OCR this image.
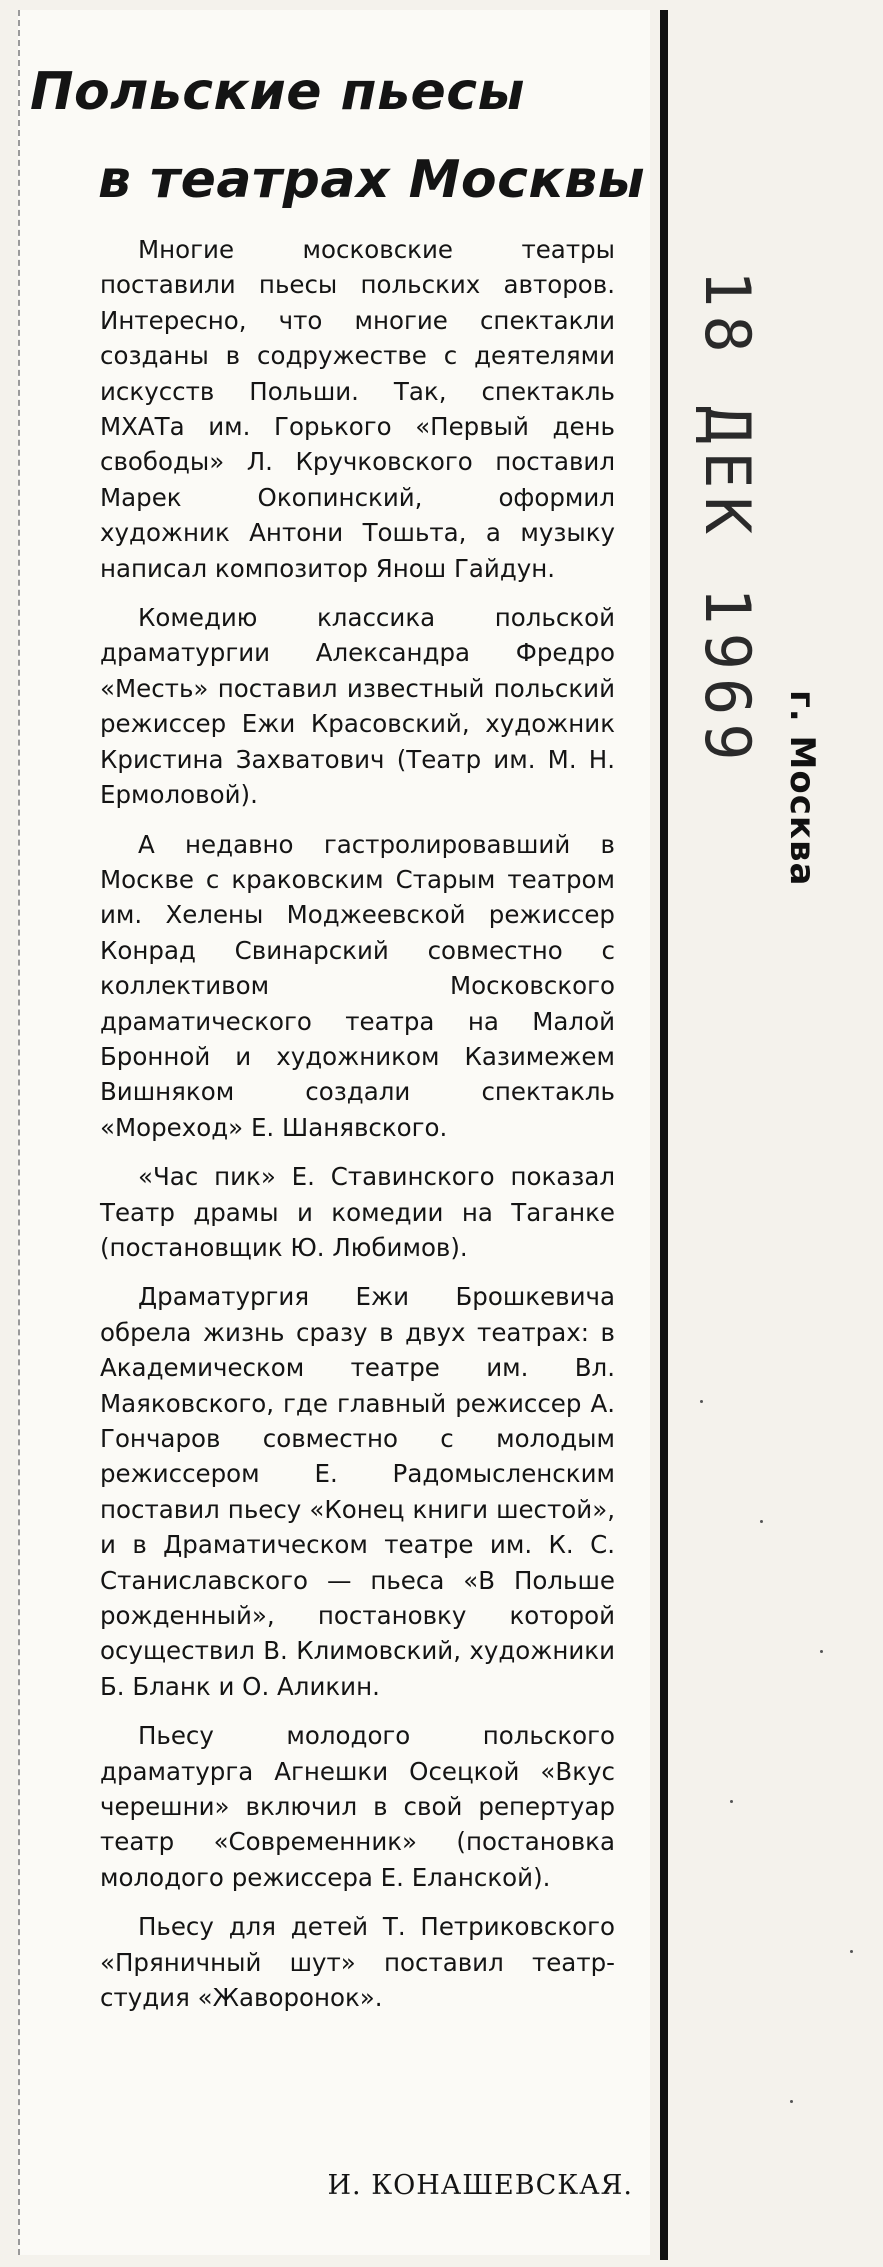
Польские пьесы
в театрах Москвы

Многие московские театры поставили пьесы польских авторов. Интересно, что многие спектакли созданы в содружестве с деятелями искусств Польши. Так, спектакль МХАТа им. Горького «Первый день свободы» Л. Кручковского поставил Марек Окопинский, оформил художник Антони Тошьта, а музыку написал композитор Янош Гайдун.

Комедию классика польской драматургии Александра Фредро «Месть» поставил известный польский режиссер Ежи Красовский, художник Кристина Захватович (Театр им. М. Н. Ермоловой).

А недавно гастролировавший в Москве с краковским Старым театром им. Хелены Моджеевской режиссер Конрад Свинарский совместно с коллективом Московского драматического театра на Малой Бронной и художником Казимежем Вишняком создали спектакль «Мореход» Е. Шанявского.

«Час пик» Е. Ставинского показал Театр драмы и комедии на Таганке (постановщик Ю. Любимов).

Драматургия Ежи Брошкевича обрела жизнь сразу в двух театрах: в Академическом театре им. Вл. Маяковского, где главный режиссер А. Гончаров совместно с молодым режиссером Е. Радомысленским поставил пьесу «Конец книги шестой», и в Драматическом театре им. К. С. Станиславского — пьеса «В Польше рожденный», постановку которой осуществил В. Климовский, художники Б. Бланк и О. Аликин.

Пьесу молодого польского драматурга Агнешки Осецкой «Вкус черешни» включил в свой репертуар театр «Современник» (постановка молодого режиссера Е. Еланской).

Пьесу для детей Т. Петриковского «Пряничный шут» поставил театр-студия «Жаворонок».

И. КОНАШЕВСКАЯ.
18 ДЕК 1969
г. Москва
